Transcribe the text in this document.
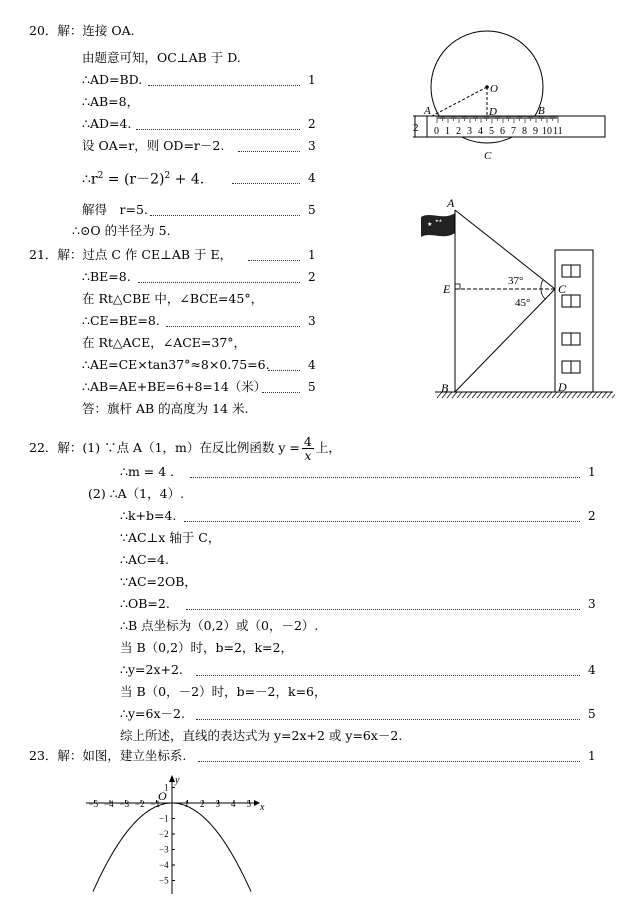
20．解：连接 OA.
由题意可知，OC⊥AB 于 D.
∴AD=BD.	1
∴AB=8，
∴AD=4.	2
设 OA=r，则 OD=r－2.	3
$\therefore r^2 = (r-2)^2 + 4$.	4
解得　r=5.	5
∴⊙O 的半径为 5.
0 1 2 3 4 5 6 7 8 9 10 11
2
O
A	B
D
C
21．解：过点 C 作 CE⊥AB 于 E，	1
∴BE=8.	2
在 Rt△CBE 中，∠BCE=45°，
∴CE=BE=8.	3
在 Rt△ACE，∠ACE=37°，
∴AE=CE×tan37°≈8×0.75=6.	4
∴AB=AE+BE=6+8=14（米）	5
答：旗杆 AB 的高度为 14 米.
★
★★
A
B
C
D
E
37°
45°
22．解：(1) ∵点 A（1，m）在反比例函数 $y = \frac{4}{x}$ 上，
∴m = 4 .	1
(2) ∴A（1，4）.
∴k+b=4.	2
∵AC⊥x 轴于 C，
∴AC=4.
∵AC=2OB，
∴OB=2.	3
∴B 点坐标为（0,2）或（0，－2）.
当 B（0,2）时，b=2，k=2，
∴y=2x+2.	4
当 B（0，－2）时，b=－2，k=6，
∴y=6x－2.	5
综上所述，直线的表达式为 y=2x+2 或 y=6x－2.
23．解：如图，建立坐标系.	1
−5 −4 −3 −2 −1	1 2 3 4 5
1
−1
−2
−3
−4
−5
x
y
O
